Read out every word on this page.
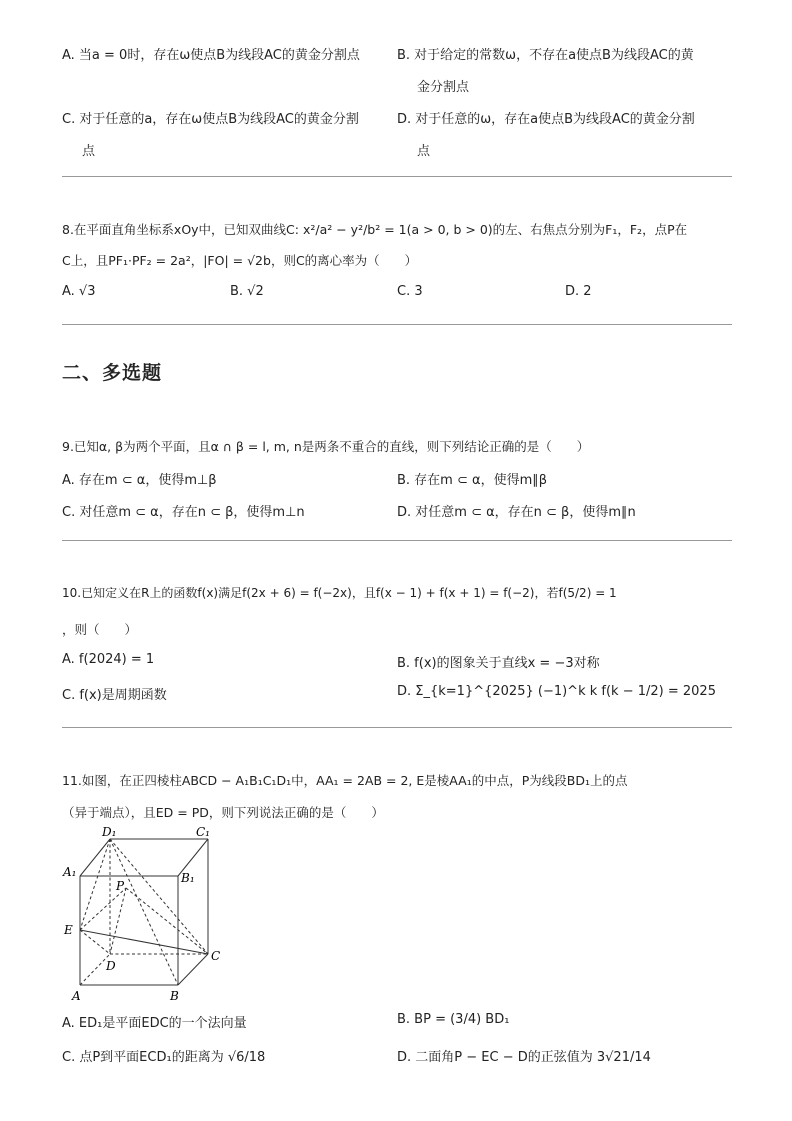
A. 当a = 0时，存在ω使点B为线段AC的黄金分割点	B. 对于给定的常数ω，不存在a使点B为线段AC的黄
金分割点
C. 对于任意的a，存在ω使点B为线段AC的黄金分割
点
D. 对于任意的ω，存在a使点B为线段AC的黄金分割
点
8.在平面直角坐标系xOy中，已知双曲线C: x²/a² − y²/b² = 1(a > 0, b > 0)的左、右焦点分别为F₁，F₂，点P在
C上，且PF₁·PF₂ = 2a²，|FO| = √2b，则C的离心率为（　　）
A. √3	B. √2	C. 3	D. 2
二、多选题
9.已知α, β为两个平面，且α ∩ β = l, m, n是两条不重合的直线，则下列结论正确的是（　　）
A. 存在m ⊂ α，使得m⊥β	B. 存在m ⊂ α，使得m∥β
C. 对任意m ⊂ α，存在n ⊂ β，使得m⊥n	D. 对任意m ⊂ α，存在n ⊂ β，使得m∥n
10.已知定义在R上的函数f(x)满足f(2x + 6) = f(−2x)，且f(x − 1) + f(x + 1) = f(−2)，若f(5/2) = 1
，则（　　）
A. f(2024) = 1	B. f(x)的图象关于直线x = −3对称
C. f(x)是周期函数	D. Σ_{k=1}^{2025} (−1)^k k f(k − 1/2) = 2025
11.如图，在正四棱柱ABCD − A₁B₁C₁D₁中，AA₁ = 2AB = 2, E是棱AA₁的中点，P为线段BD₁上的点
（异于端点），且ED = PD，则下列说法正确的是（　　）
D₁	C₁
A₁	B₁
P
E
D
C
A	B
A. ED₁是平面EDC的一个法向量	B. BP = (3/4) BD₁
C. 点P到平面ECD₁的距离为 √6/18	D. 二面角P − EC − D的正弦值为 3√21/14
